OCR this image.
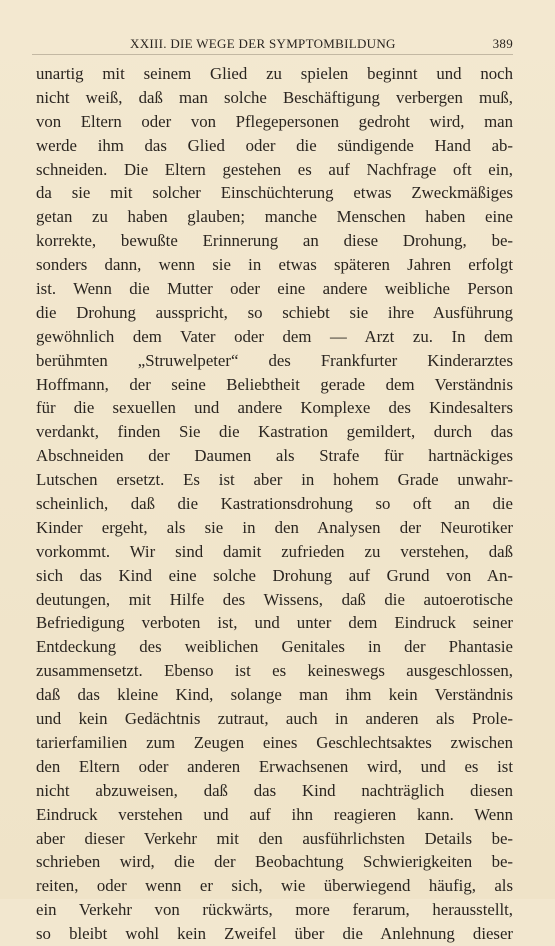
XXIII. DIE WEGE DER SYMPTOMBILDUNG	389
unartig mit seinem Glied zu spielen beginnt und noch
nicht weiß, daß man solche Beschäftigung verbergen muß,
von Eltern oder von Pflegepersonen gedroht wird, man
werde ihm das Glied oder die sündigende Hand ab-
schneiden. Die Eltern gestehen es auf Nachfrage oft ein,
da sie mit solcher Einschüchterung etwas Zweckmäßiges
getan zu haben glauben; manche Menschen haben eine
korrekte, bewußte Erinnerung an diese Drohung, be-
sonders dann, wenn sie in etwas späteren Jahren erfolgt
ist. Wenn die Mutter oder eine andere weibliche Person
die Drohung ausspricht, so schiebt sie ihre Ausführung
gewöhnlich dem Vater oder dem — Arzt zu. In dem
berühmten „Struwelpeter“ des Frankfurter Kinderarztes
Hoffmann, der seine Beliebtheit gerade dem Verständnis
für die sexuellen und andere Komplexe des Kindesalters
verdankt, finden Sie die Kastration gemildert, durch das
Abschneiden der Daumen als Strafe für hartnäckiges
Lutschen ersetzt. Es ist aber in hohem Grade unwahr-
scheinlich, daß die Kastrationsdrohung so oft an die
Kinder ergeht, als sie in den Analysen der Neurotiker
vorkommt. Wir sind damit zufrieden zu verstehen, daß
sich das Kind eine solche Drohung auf Grund von An-
deutungen, mit Hilfe des Wissens, daß die autoerotische
Befriedigung verboten ist, und unter dem Eindruck seiner
Entdeckung des weiblichen Genitales in der Phantasie
zusammensetzt. Ebenso ist es keineswegs ausgeschlossen,
daß das kleine Kind, solange man ihm kein Verständnis
und kein Gedächtnis zutraut, auch in anderen als Prole-
tarierfamilien zum Zeugen eines Geschlechtsaktes zwischen
den Eltern oder anderen Erwachsenen wird, und es ist
nicht abzuweisen, daß das Kind nachträglich diesen
Eindruck verstehen und auf ihn reagieren kann. Wenn
aber dieser Verkehr mit den ausführlichsten Details be-
schrieben wird, die der Beobachtung Schwierigkeiten be-
reiten, oder wenn er sich, wie überwiegend häufig, als
ein Verkehr von rückwärts, more ferarum, herausstellt,
so bleibt wohl kein Zweifel über die Anlehnung dieser
